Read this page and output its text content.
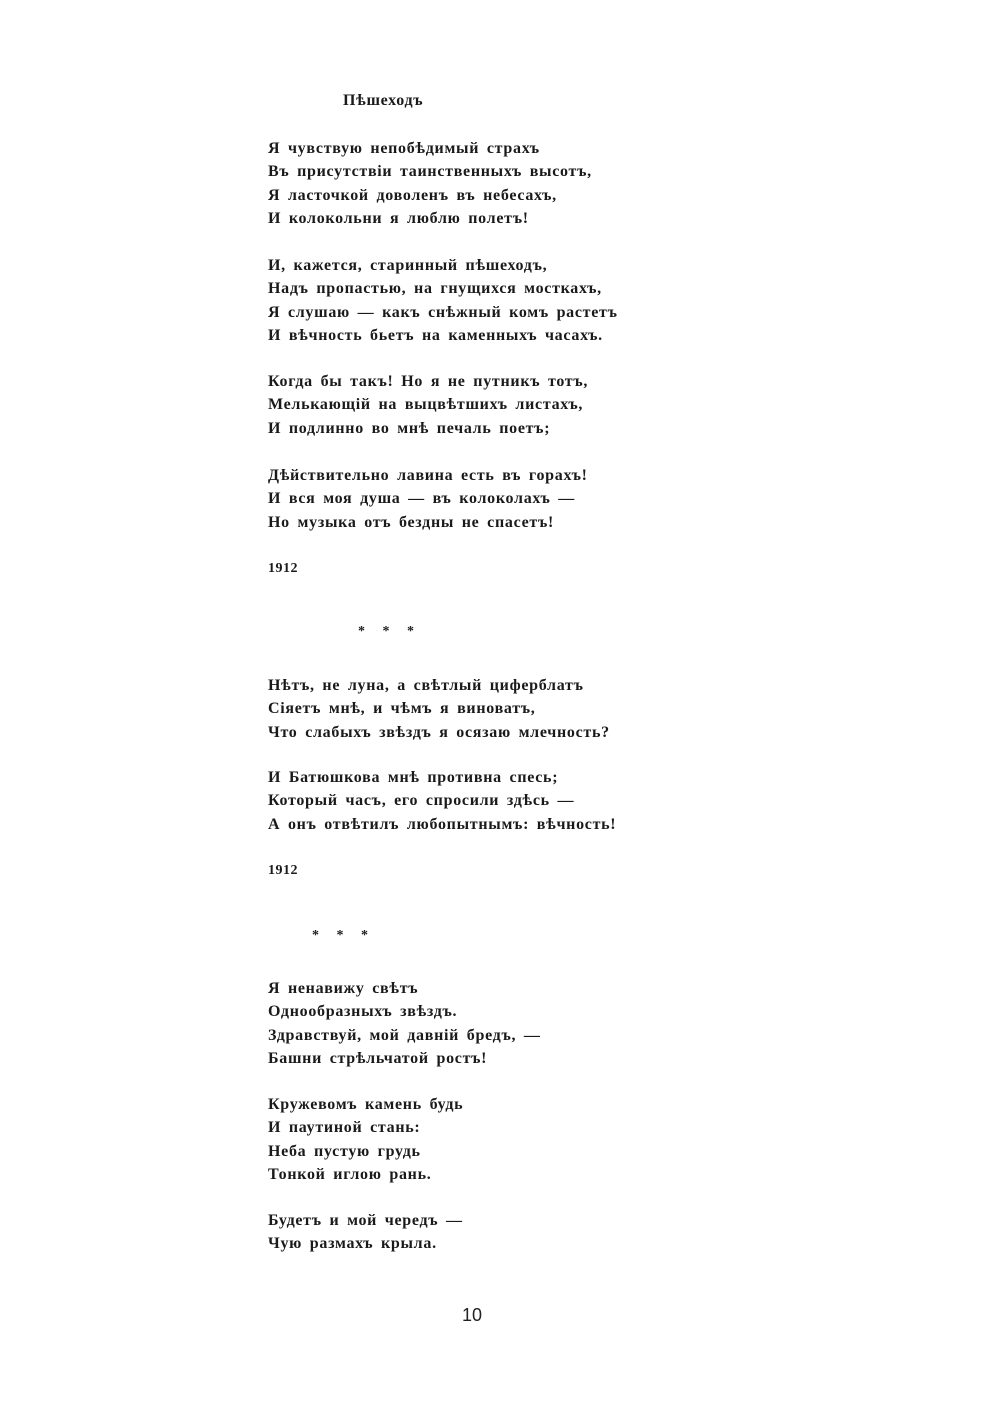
Пѣшеходъ
1912
* * *
1912
* * *
10
Я чувствую непобѣдимый страхъ
Въ присутствіи таинственныхъ высотъ,
Я ласточкой доволенъ въ небесахъ,
И колокольни я люблю полетъ!
И, кажется, старинный пѣшеходъ,
Надъ пропастью, на гнущихся мосткахъ,
Я слушаю — какъ снѣжный комъ растетъ
И вѣчность бьетъ на каменныхъ часахъ.
Когда бы такъ! Но я не путникъ тотъ,
Мелькающій на выцвѣтшихъ листахъ,
И подлинно во мнѣ печаль поетъ;
Дѣйствительно лавина есть въ горахъ!
И вся моя душа — въ колоколахъ —
Но музыка отъ бездны не спасетъ!
Нѣтъ, не луна, а свѣтлый циферблатъ
Сіяетъ мнѣ, и чѣмъ я виноватъ,
Что слабыхъ звѣздъ я осязаю млечность?
И Батюшкова мнѣ противна спесь;
Который часъ, его спросили здѣсь —
А онъ отвѣтилъ любопытнымъ: вѣчность!
Я ненавижу свѣтъ
Однообразныхъ звѣздъ.
Здравствуй, мой давній бредъ, —
Башни стрѣльчатой ростъ!
Кружевомъ камень будь
И паутиной стань:
Неба пустую грудь
Тонкой иглою рань.
Будетъ и мой чередъ —
Чую размахъ крыла.
